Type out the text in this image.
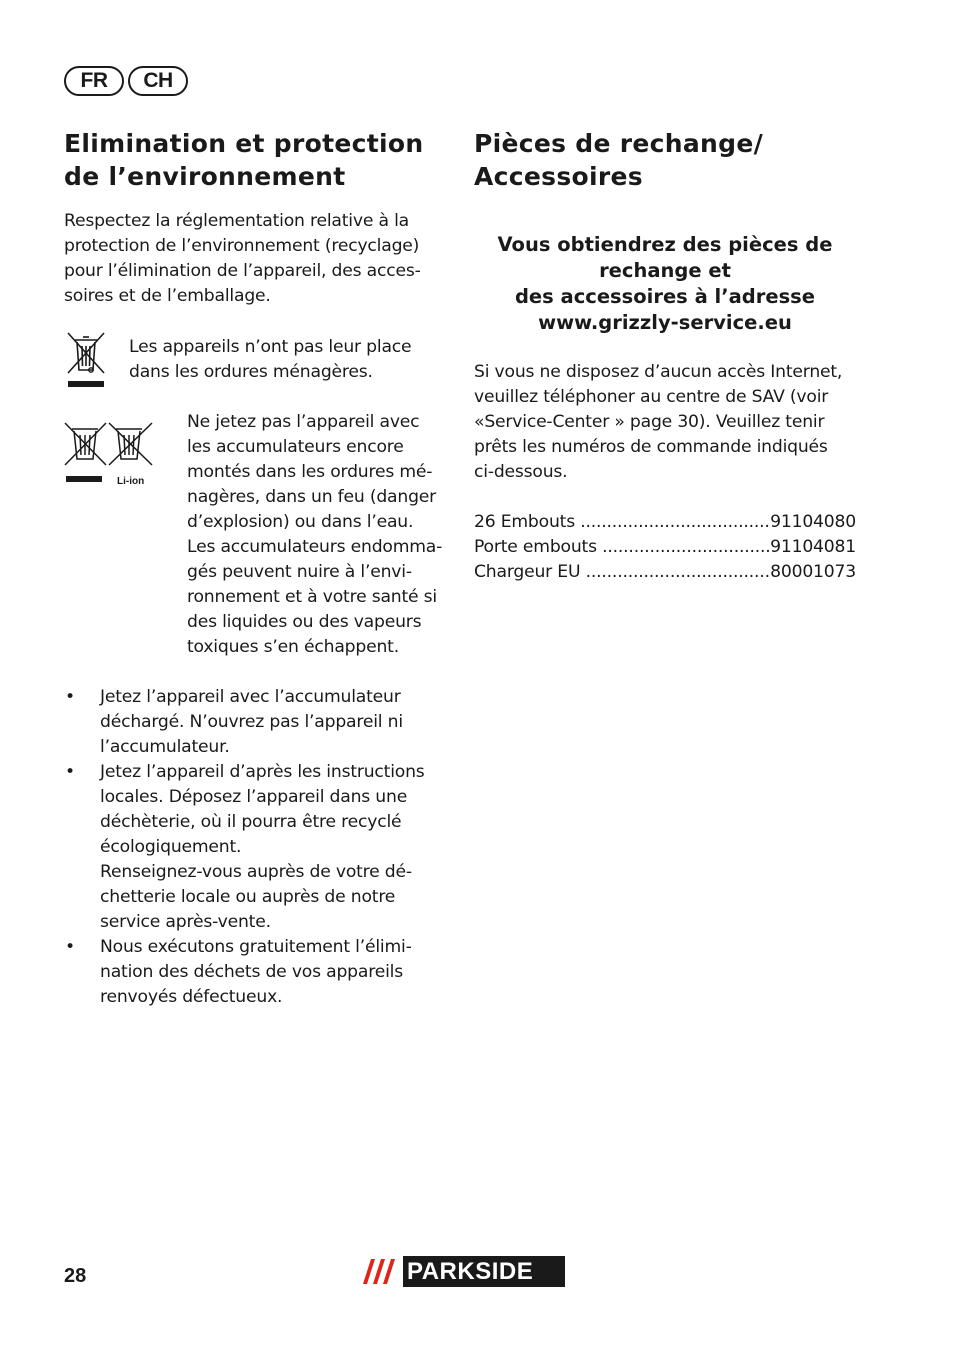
FR	CH
Elimination et protection
de l’environnement

Respectez la réglementation relative à la
protection de l’environnement (recyclage)
pour l’élimination de l’appareil, des acces-
soires et de l’emballage.

Les appareils n’ont pas leur place
dans les ordures ménagères.

Li-ion

Ne jetez pas l’appareil avec
les accumulateurs encore
montés dans les ordures mé-
nagères, dans un feu (danger
d’explosion) ou dans l’eau.
Les accumulateurs endomma-
gés peuvent nuire à l’envi-
ronnement et à votre santé si
des liquides ou des vapeurs
toxiques s’en échappent.

• Jetez l’appareil avec l’accumulateur
déchargé. N’ouvrez pas l’appareil ni
l’accumulateur.
• Jetez l’appareil d’après les instructions
locales. Déposez l’appareil dans une
déchèterie, où il pourra être recyclé
écologiquement.
Renseignez-vous auprès de votre dé-
chetterie locale ou auprès de notre
service après-vente.
• Nous exécutons gratuitement l’élimi-
nation des déchets de vos appareils
renvoyés défectueux.
Pièces de rechange/
Accessoires
Vous obtiendrez des pièces de
rechange et
des accessoires à l’adresse
www.grizzly-service.eu

Si vous ne disposez d’aucun accès Internet,
veuillez téléphoner au centre de SAV (voir
«Service-Center » page 30). Veuillez tenir
prêts les numéros de commande indiqués
ci-dessous.

26 Embouts .....	91104080
Porte embouts .....	91104081
Chargeur EU .....	80001073
28	PARKSIDE
